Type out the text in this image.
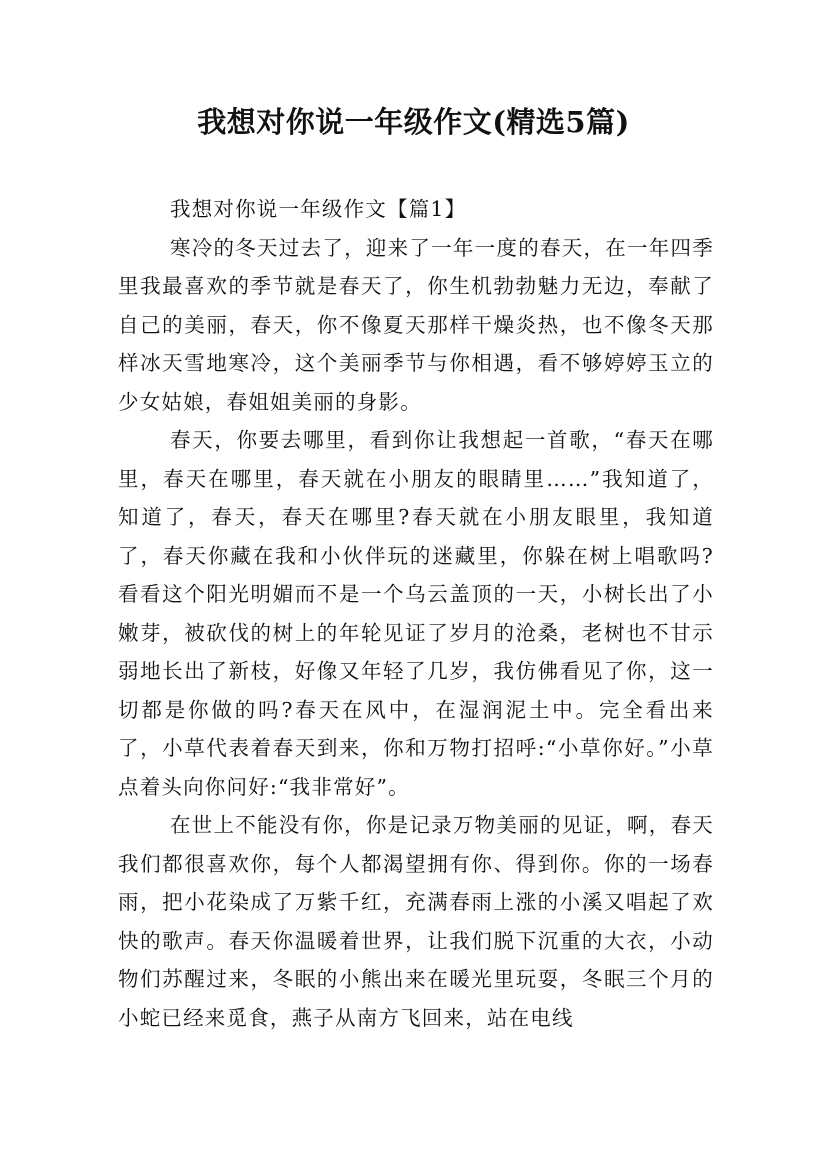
我想对你说一年级作文(精选5篇)

我想对你说一年级作文【篇1】

寒冷的冬天过去了，迎来了一年一度的春天，在一年四季里我最喜欢的季节就是春天了，你生机勃勃魅力无边，奉献了自己的美丽，春天，你不像夏天那样干燥炎热，也不像冬天那样冰天雪地寒冷，这个美丽季节与你相遇，看不够婷婷玉立的少女姑娘，春姐姐美丽的身影。

春天，你要去哪里，看到你让我想起一首歌，“春天在哪里，春天在哪里，春天就在小朋友的眼睛里……”我知道了，知道了，春天，春天在哪里?春天就在小朋友眼里，我知道了，春天你藏在我和小伙伴玩的迷藏里，你躲在树上唱歌吗?看看这个阳光明媚而不是一个乌云盖顶的一天，小树长出了小嫩芽，被砍伐的树上的年轮见证了岁月的沧桑，老树也不甘示弱地长出了新枝，好像又年轻了几岁，我仿佛看见了你，这一切都是你做的吗?春天在风中，在湿润泥土中。完全看出来了，小草代表着春天到来，你和万物打招呼:“小草你好。”小草点着头向你问好:“我非常好”。

在世上不能没有你，你是记录万物美丽的见证，啊，春天我们都很喜欢你，每个人都渴望拥有你、得到你。你的一场春雨，把小花染成了万紫千红，充满春雨上涨的小溪又唱起了欢快的歌声。春天你温暖着世界，让我们脱下沉重的大衣，小动物们苏醒过来，冬眠的小熊出来在暖光里玩耍，冬眠三个月的小蛇已经来觅食，燕子从南方飞回来，站在电线
